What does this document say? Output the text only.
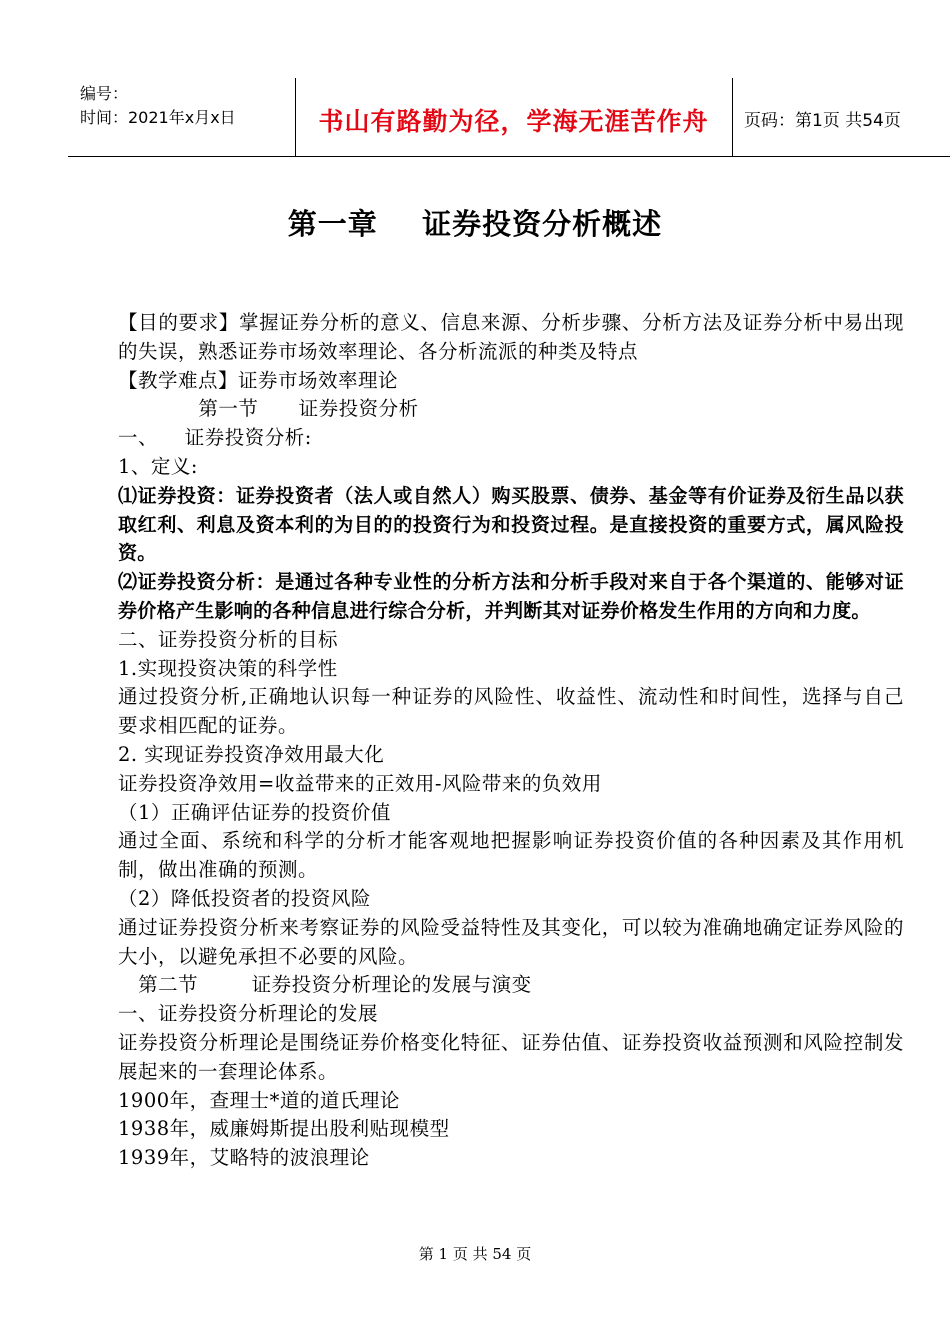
编号：
时间：2021年x月x日	书山有路勤为径，学海无涯苦作舟	页码：第1页 共54页
第一章    证券投资分析概述

【目的要求】掌握证券分析的意义、信息来源、分析步骤、分析方法及证券分析中易出现的失误，熟悉证券市场效率理论、各分析流派的种类及特点

【教学难点】证券市场效率理论

第一节      证券投资分析

一、    证券投资分析:

1、定义:

⑴证券投资：证券投资者（法人或自然人）购买股票、债券、基金等有价证券及衍生品以获取红利、利息及资本利的为目的的投资行为和投资过程。是直接投资的重要方式，属风险投资。

⑵证券投资分析：是通过各种专业性的分析方法和分析手段对来自于各个渠道的、能够对证券价格产生影响的各种信息进行综合分析，并判断其对证券价格发生作用的方向和力度。

二、证券投资分析的目标

1.实现投资决策的科学性

通过投资分析,正确地认识每一种证券的风险性、收益性、流动性和时间性，选择与自己要求相匹配的证券。

2. 实现证券投资净效用最大化

证券投资净效用=收益带来的正效用-风险带来的负效用

（1）正确评估证券的投资价值

通过全面、系统和科学的分析才能客观地把握影响证券投资价值的各种因素及其作用机制，做出准确的预测。

（2）降低投资者的投资风险

通过证券投资分析来考察证券的风险受益特性及其变化，可以较为准确地确定证券风险的大小，以避免承担不必要的风险。

第二节        证券投资分析理论的发展与演变

一、证券投资分析理论的发展

证券投资分析理论是围绕证券价格变化特征、证券估值、证券投资收益预测和风险控制发展起来的一套理论体系。

1900年，查理士*道的道氏理论

1938年，威廉姆斯提出股利贴现模型

1939年，艾略特的波浪理论

第 1 页 共 54 页
